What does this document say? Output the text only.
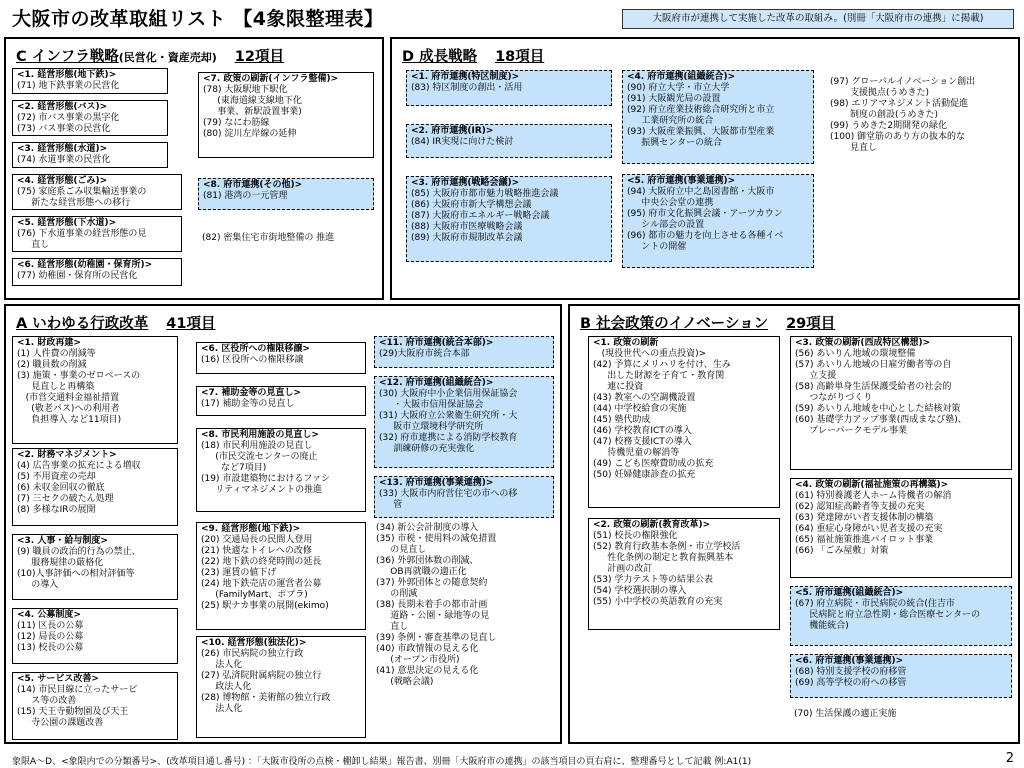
大阪市の改革取組リスト 【4象限整理表】	大阪府市が連携して実施した改革の取組み。(別冊「大阪府市の連携」に掲載)
C インフラ戦略(民営化・資産売却) 12項目	D 成長戦略 18項目
A いわゆる行政改革 41項目	B 社会政策のイノベーション 29項目
<1. 経営形態(地下鉄)>
(71) 地下鉄事業の民営化
<2. 経営形態(バス)>
(72) 市バス事業の黒字化
(73) バス事業の民営化
<3. 経営形態(水道)>
(74) 水道事業の民営化
<4. 経営形態(ごみ)>
(75) 家庭系ごみ収集輸送事業の
新たな経営形態への移行
<5. 経営形態(下水道)>
(76) 下水道事業の経営形態の見
直し
<6. 経営形態(幼稚園・保育所)>
(77) 幼稚園・保育所の民営化
<7. 政策の刷新(インフラ整備)>
(78) 大阪駅地下駅化
(東海道線支線地下化
事業、新駅設置事業)
(79) なにわ筋線
(80) 淀川左岸線の延伸
<8. 府市連携(その他)>
(81) 港湾の一元管理
(82) 密集住宅市街地整備の 推進
<1. 府市連携(特区制度)>
(83) 特区制度の創出・活用
<2. 府市連携(IR)>
(84) IR実現に向けた検討
<3. 府市連携(戦略会議)>
(85) 大阪府市都市魅力戦略推進会議
(86) 大阪府市新大学構想会議
(87) 大阪府市エネルギー戦略会議
(88) 大阪府市医療戦略会議
(89) 大阪府市規制改革会議
<4. 府市連携(組織統合)>
(90) 府立大学・市立大学
(91) 大阪観光局の設置
(92) 府立産業技術総合研究所と市立
工業研究所の統合
(93) 大阪産業振興、大阪都市型産業
振興センターの統合
<5. 府市連携(事業連携)>
(94) 大阪府立中之島図書館・大阪市
中央公会堂の連携
(95) 府市文化振興会議・アーツカウン
シル部会の設置
(96) 都市の魅力を向上させる各種イベ
ントの開催
(97) グローバルイノベーション創出
支援拠点(うめきた)
(98) エリアマネジメント活動促進
制度の創設(うめきた)
(99) うめきた2期開発の緑化
(100) 御堂筋のあり方の抜本的な
見直し
<1. 財政再建>
(1) 人件費の削減等
(2) 職員数の削減
(3) 施策・事業のゼロベースの
見直しと再構築
(市営交通料金福祉措置
(敬老パス)への利用者
負担導入 など11項目)
<2. 財務マネジメント>
(4) 広告事業の拡充による増収
(5) 不用資産の売却
(6) 未収金回収の徹底
(7) 三セクの破たん処理
(8) 多様なIRの展開
<3. 人事・給与制度>
(9) 職員の政治的行為の禁止、
服務規律の厳格化
(10)人事評価への相対評価等
の導入
<4. 公募制度>
(11) 区長の公募
(12) 局長の公募
(13) 校長の公募
<5. サービス改善>
(14) 市民目線に立ったサービ
ス等の改善
(15) 天王寺動物園及び天王
寺公園の課題改善
<6. 区役所への権限移譲>
(16) 区役所への権限移譲
<7. 補助金等の見直し>
(17) 補助金等の見直し
<8. 市民利用施設の見直し>
(18) 市民利用施設の見直し
(市民交流センターの廃止
など7項目)
(19) 市設建築物におけるファシ
リティマネジメントの推進
<9. 経営形態(地下鉄)>
(20) 交通局長の民間人登用
(21) 快適なトイレへの改修
(22) 地下鉄の終発時間の延長
(23) 運賃の値下げ
(24) 地下鉄売店の運営者公募
(FamilyMart、ポプラ)
(25) 駅ナカ事業の展開(ekimo)
<10. 経営形態(独法化)>
(26) 市民病院の独立行政
法人化
(27) 弘済院附属病院の独立行
政法人化
(28) 博物館・美術館の独立行政
法人化
<11. 府市連携(統合本部)>
(29)大阪府市統合本部
<12. 府市連携(組織統合)>
(30) 大阪府中小企業信用保証協会
・大阪市信用保証協会
(31) 大阪府立公衆衛生研究所・大
阪市立環境科学研究所
(32) 府市連携による消防学校教育
訓練研修の充実強化
<13. 府市連携(事業連携)>
(33) 大阪市内府営住宅の市への移
管
(34) 新公会計制度の導入
(35) 市税・使用料の減免措置
の見直し
(36) 外郭団体数の削減、
OB再就職の適正化
(37) 外郭団体との随意契約
の削減
(38) 長期未着手の都市計画
道路・公園・緑地等の見
直し
(39) 条例・審査基準の見直し
(40) 市政情報の見える化
(オープン市役所)
(41) 意思決定の見える化
(戦略会議)
<1. 政策の刷新
(現役世代への重点投資)>
(42) 予算にメリハリを付け、生み
出した財源を子育て・教育関
連に投資
(43) 教室への空調機設置
(44) 中学校給食の実施
(45) 塾代助成
(46) 学校教育ICTの導入
(47) 校務支援ICTの導入
待機児童の解消等
(49) こども医療費助成の拡充
(50) 妊婦健康診査の拡充
<2. 政策の刷新(教育改革)>
(51) 校長の権限強化
(52) 教育行政基本条例・市立学校活
性化条例の制定と教育振興基本
計画の改訂
(53) 学力テスト等の結果公表
(54) 学校選択制の導入
(55) 小中学校の英語教育の充実
<3. 政策の刷新(西成特区構想)>
(56) あいりん地域の環境整備
(57) あいりん地域の日雇労働者等の自
立支援
(58) 高齢単身生活保護受給者の社会的
つながりづくり
(59) あいりん地域を中心とした結核対策
(60) 基礎学力アップ事業(西成まなび塾)、
プレーパークモデル事業
<4. 政策の刷新(福祉施策の再構築)>
(61) 特別養護老人ホーム待機者の解消
(62) 認知症高齢者等支援の充実
(63) 発達障がい者支援体制の構築
(64) 重症心身障がい児者支援の充実
(65) 福祉施策推進パイロット事業
(66) 「ごみ屋敷」対策
<5. 府市連携(組織統合)>
(67) 府立病院・市民病院の統合(住吉市
民病院と府立急性期・総合医療センターの
機能統合)
<6. 府市連携(事業連携)>
(68) 特別支援学校の府移管
(69) 高等学校の府への移管
(70) 生活保護の適正実施
象限A～D、<象限内での分類番号>、(改革項目通し番号) ：「大阪市役所の点検・棚卸し結果」報告書、別冊「大阪府市の連携」の該当項目の頁右肩に、整理番号として記載 例:A1(1)	2
